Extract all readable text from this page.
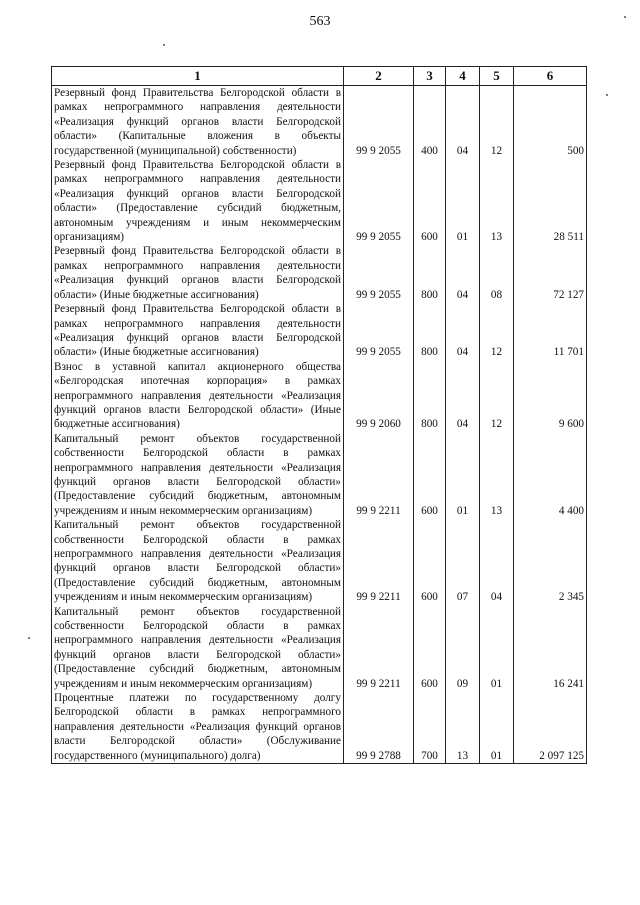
563
1	2	3	4	5	6
Резервный фонд Правительства Белгородской области в рамках непрограммного направления деятельности «Реализация функций органов власти Белгородской области» (Капитальные вложения в объекты государственной (муниципальной) собственности)	99 9 2055	400	04	12	500
Резервный фонд Правительства Белгородской области в рамках непрограммного направления деятельности «Реализация функций органов власти Белгородской области» (Предоставление субсидий бюджетным, автономным учреждениям и иным некоммерческим организациям)	99 9 2055	600	01	13	28 511
Резервный фонд Правительства Белгородской области в рамках непрограммного направления деятельности «Реализация функций органов власти Белгородской области» (Иные бюджетные ассигнования)	99 9 2055	800	04	08	72 127
Резервный фонд Правительства Белгородской области в рамках непрограммного направления деятельности «Реализация функций органов власти Белгородской области» (Иные бюджетные ассигнования)	99 9 2055	800	04	12	11 701
Взнос в уставной капитал акционерного общества «Белгородская ипотечная корпорация» в рамках непрограммного направления деятельности «Реализация функций органов власти Белгородской области» (Иные бюджетные ассигнования)	99 9 2060	800	04	12	9 600
Капитальный ремонт объектов государственной собственности Белгородской области в рамках непрограммного направления деятельности «Реализация функций органов власти Белгородской области» (Предоставление субсидий бюджетным, автономным учреждениям и иным некоммерческим организациям)	99 9 2211	600	01	13	4 400
Капитальный ремонт объектов государственной собственности Белгородской области в рамках непрограммного направления деятельности «Реализация функций органов власти Белгородской области» (Предоставление субсидий бюджетным, автономным учреждениям и иным некоммерческим организациям)	99 9 2211	600	07	04	2 345
Капитальный ремонт объектов государственной собственности Белгородской области в рамках непрограммного направления деятельности «Реализация функций органов власти Белгородской области» (Предоставление субсидий бюджетным, автономным учреждениям и иным некоммерческим организациям)	99 9 2211	600	09	01	16 241
Процентные платежи по государственному долгу Белгородской области в рамках непрограммного направления деятельности «Реализация функций органов власти Белгородской области» (Обслуживание государственного (муниципального) долга)	99 9 2788	700	13	01	2 097 125
